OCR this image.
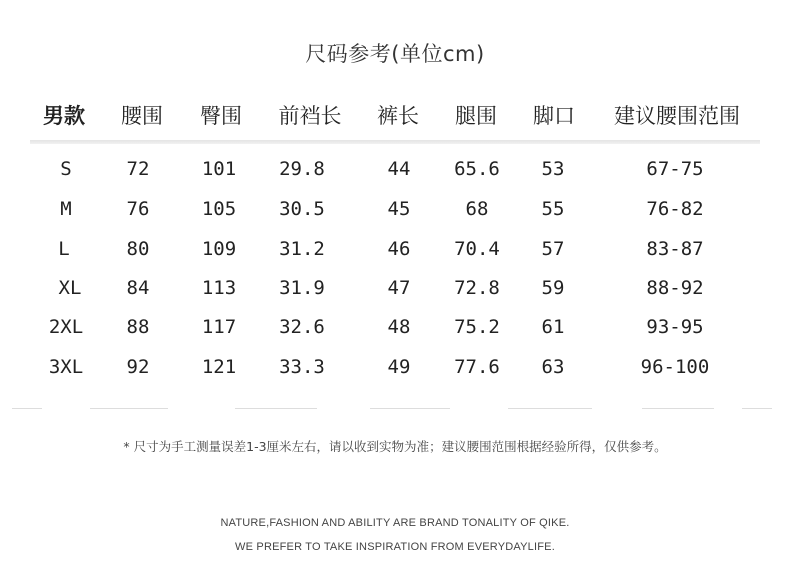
尺码参考(单位cm)
男款 腰围 臀围 前裆长 裤长 腿围 脚口 建议腰围范围
S	72	101 29.8	44 65.6 53	67-75
M	76	105 30.5	45	68	55	76-82
L	80	109 31.2	46 70.4 57	83-87
XL 84	113 31.9	47 72.8 59	88-92
2XL 88	117 32.6	48 75.2 61	93-95
3XL 92	121 33.3	49 77.6 63	96-100
* 尺寸为手工测量误差1-3厘米左右，请以收到实物为准；建议腰围范围根据经验所得，仅供参考。
NATURE,FASHION AND ABILITY ARE BRAND TONALITY OF QIKE.
WE PREFER TO TAKE INSPIRATION FROM EVERYDAYLIFE.
